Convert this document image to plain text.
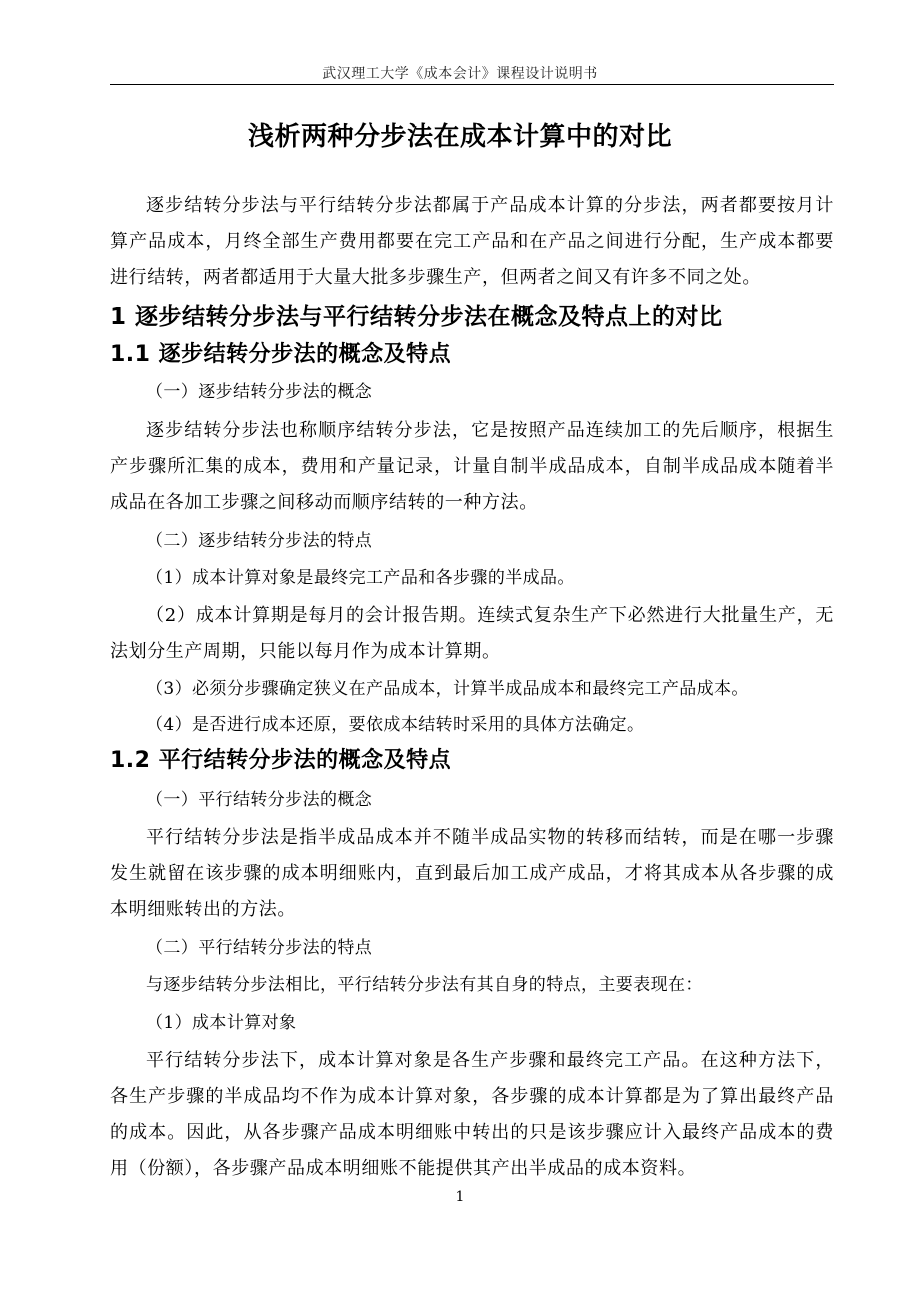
武汉理工大学《成本会计》课程设计说明书
浅析两种分步法在成本计算中的对比
逐步结转分步法与平行结转分步法都属于产品成本计算的分步法，两者都要按月计算产品成本，月终全部生产费用都要在完工产品和在产品之间进行分配，生产成本都要进行结转，两者都适用于大量大批多步骤生产，但两者之间又有许多不同之处。
1 逐步结转分步法与平行结转分步法在概念及特点上的对比
1.1 逐步结转分步法的概念及特点
（一）逐步结转分步法的概念
逐步结转分步法也称顺序结转分步法，它是按照产品连续加工的先后顺序，根据生产步骤所汇集的成本，费用和产量记录，计量自制半成品成本，自制半成品成本随着半成品在各加工步骤之间移动而顺序结转的一种方法。
（二）逐步结转分步法的特点
（1）成本计算对象是最终完工产品和各步骤的半成品。
（2）成本计算期是每月的会计报告期。连续式复杂生产下必然进行大批量生产，无法划分生产周期，只能以每月作为成本计算期。
（3）必须分步骤确定狭义在产品成本，计算半成品成本和最终完工产品成本。
（4）是否进行成本还原，要依成本结转时采用的具体方法确定。
1.2 平行结转分步法的概念及特点
（一）平行结转分步法的概念
平行结转分步法是指半成品成本并不随半成品实物的转移而结转，而是在哪一步骤发生就留在该步骤的成本明细账内，直到最后加工成产成品，才将其成本从各步骤的成本明细账转出的方法。
（二）平行结转分步法的特点
与逐步结转分步法相比，平行结转分步法有其自身的特点，主要表现在：
（1）成本计算对象
平行结转分步法下，成本计算对象是各生产步骤和最终完工产品。在这种方法下，各生产步骤的半成品均不作为成本计算对象，各步骤的成本计算都是为了算出最终产品的成本。因此，从各步骤产品成本明细账中转出的只是该步骤应计入最终产品成本的费用（份额），各步骤产品成本明细账不能提供其产出半成品的成本资料。
1
